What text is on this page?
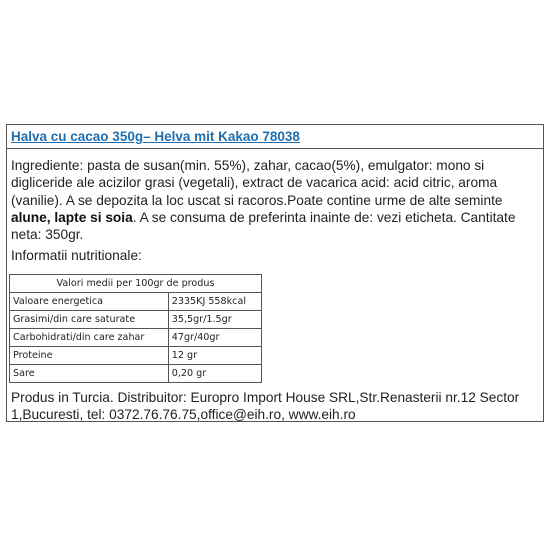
Halva cu cacao 350g– Helva mit Kakao 78038

Ingrediente: pasta de susan(min. 55%), zahar, cacao(5%), emulgator: mono si digliceride ale acizilor grasi (vegetali), extract de vacarica acid: acid citric, aroma (vanilie). A se depozita la loc uscat si racoros.Poate contine urme de alte seminte alune, lapte si soia. A se consuma de preferinta inainte de: vezi eticheta. Cantitate neta: 350gr.

Informatii nutritionale:

Produs in Turcia. Distribuitor: Europro Import House SRL,Str.Renasterii nr.12 Sector 1,Bucuresti, tel: 0372.76.76.75,office@eih.ro, www.eih.ro

Valori medii per 100gr de produs	
Valoare energetica	2335KJ 558kcal
Grasimi/din care saturate	35,5gr/1.5gr
Carbohidrati/din care zahar	47gr/40gr
Proteine	12 gr
Sare	0,20 gr
